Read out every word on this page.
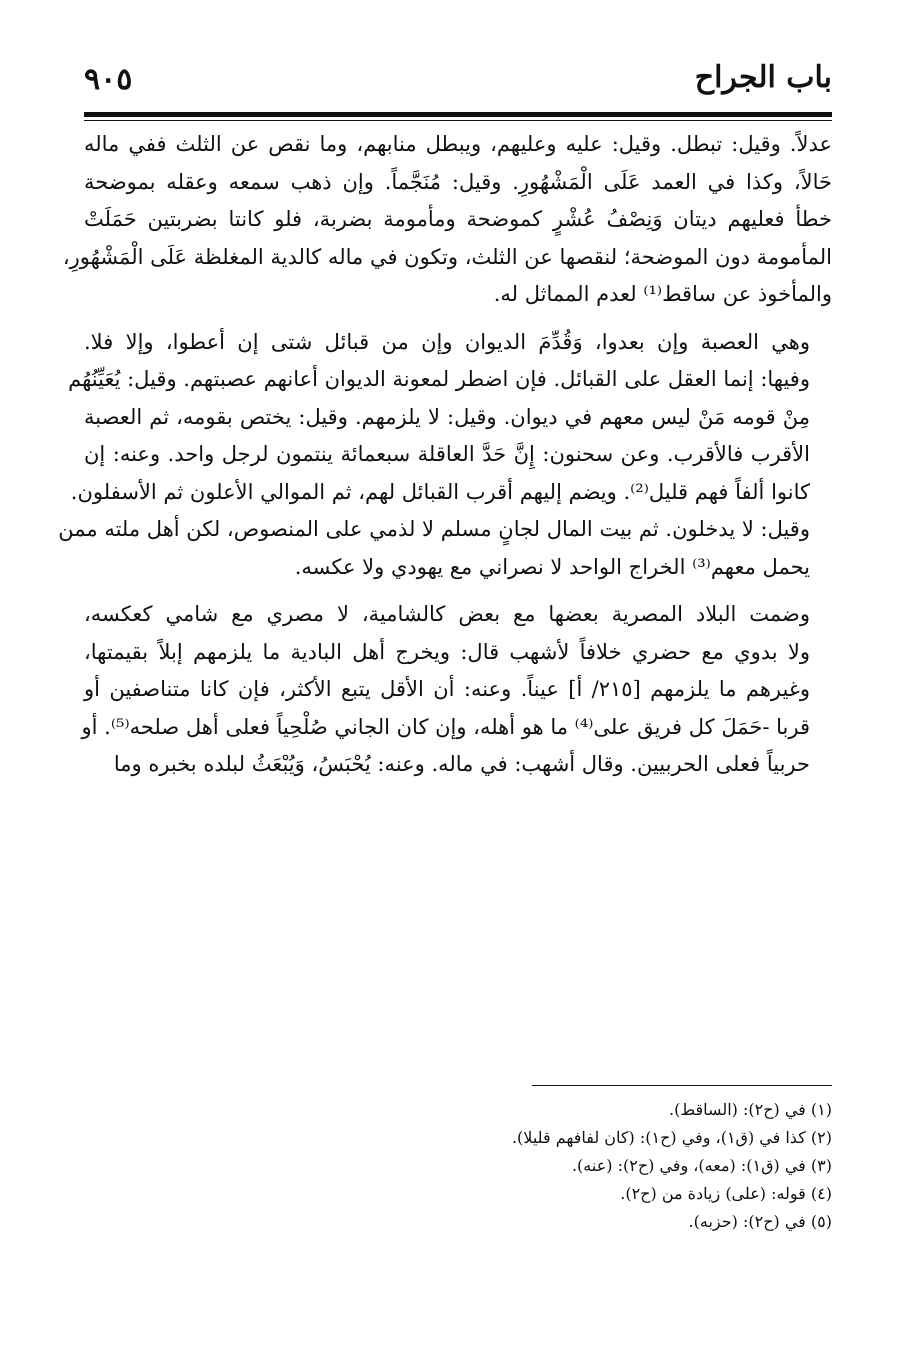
باب الجراح
٩٠٥

عدلاً. وقيل: تبطل. وقيل: عليه وعليهم، ويبطل منابهم، وما نقص عن الثلث ففي ماله
حَالاً، وكذا في العمد عَلَى الْمَشْهُورِ. وقيل: مُنَجَّماً. وإن ذهب سمعه وعقله بموضحة
خطأ فعليهم ديتان وَنِصْفُ عُشْرٍ كموضحة ومأمومة بضربة، فلو كانتا بضربتين حَمَلَتْ
المأمومة دون الموضحة؛ لنقصها عن الثلث، وتكون في ماله كالدية المغلظة عَلَى الْمَشْهُورِ،
والمأخوذ عن ساقط⁽¹⁾ لعدم المماثل له.

وهي العصبة وإن بعدوا، وَقُدِّمَ الديوان وإن من قبائل شتى إن أعطوا، وإلا فلا.
وفيها: إنما العقل على القبائل. فإن اضطر لمعونة الديوان أعانهم عصبتهم. وقيل: يُعَيِّنُهُم
مِنْ قومه مَنْ ليس معهم في ديوان. وقيل: لا يلزمهم. وقيل: يختص بقومه، ثم العصبة
الأقرب فالأقرب. وعن سحنون: إِنَّ حَدَّ العاقلة سبعمائة ينتمون لرجل واحد. وعنه: إن
كانوا ألفاً فهم قليل⁽²⁾. ويضم إليهم أقرب القبائل لهم، ثم الموالي الأعلون ثم الأسفلون.
وقيل: لا يدخلون. ثم بيت المال لجانٍ مسلم لا لذمي على المنصوص، لكن أهل ملته ممن
يحمل معهم⁽³⁾ الخراج الواحد لا نصراني مع يهودي ولا عكسه.

وضمت البلاد المصرية بعضها مع بعض كالشامية، لا مصري مع شامي كعكسه،
ولا بدوي مع حضري خلافاً لأشهب قال: ويخرج أهل البادية ما يلزمهم إبلاً بقيمتها،
وغيرهم ما يلزمهم [٢١٥/ أ] عيناً. وعنه: أن الأقل يتبع الأكثر، فإن كانا متناصفين أو
قربا -حَمَلَ كل فريق على⁽⁴⁾ ما هو أهله، وإن كان الجاني صُلْحِياً فعلى أهل صلحه⁽⁵⁾. أو
حربياً فعلى الحربيين. وقال أشهب: في ماله. وعنه: يُحْبَسُ، وَيُبْعَثُ لبلده بخبره وما

(١) في (ح٢): (الساقط).
(٢) كذا في (ق١)، وفي (ح١): (كان لفافهم قليلا).
(٣) في (ق١): (معه)، وفي (ح٢): (عنه).
(٤) قوله: (على) زيادة من (ح٢).
(٥) في (ح٢): (حزبه).
